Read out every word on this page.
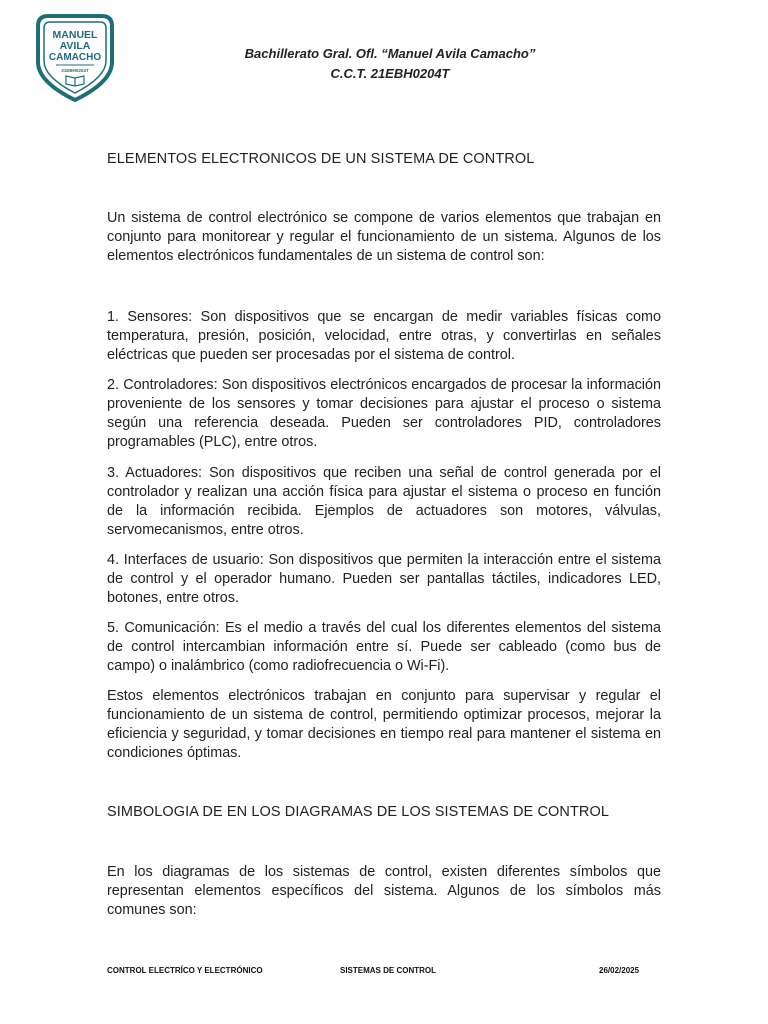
MANUEL
AVILA
CAMACHO
21EBH0204T
Bachillerato Gral. Ofl. “Manuel Avila Camacho”
C.C.T. 21EBH0204T
ELEMENTOS ELECTRONICOS DE UN SISTEMA DE CONTROL

Un sistema de control electrónico se compone de varios elementos que trabajan en conjunto para monitorear y regular el funcionamiento de un sistema. Algunos de los elementos electrónicos fundamentales de un sistema de control son:

1. Sensores: Son dispositivos que se encargan de medir variables físicas como temperatura, presión, posición, velocidad, entre otras, y convertirlas en señales eléctricas que pueden ser procesadas por el sistema de control.

2. Controladores: Son dispositivos electrónicos encargados de procesar la información proveniente de los sensores y tomar decisiones para ajustar el proceso o sistema según una referencia deseada. Pueden ser controladores PID, controladores programables (PLC), entre otros.

3. Actuadores: Son dispositivos que reciben una señal de control generada por el controlador y realizan una acción física para ajustar el sistema o proceso en función de la información recibida. Ejemplos de actuadores son motores, válvulas, servomecanismos, entre otros.

4. Interfaces de usuario: Son dispositivos que permiten la interacción entre el sistema de control y el operador humano. Pueden ser pantallas táctiles, indicadores LED, botones, entre otros.

5. Comunicación: Es el medio a través del cual los diferentes elementos del sistema de control intercambian información entre sí. Puede ser cableado (como bus de campo) o inalámbrico (como radiofrecuencia o Wi-Fi).

Estos elementos electrónicos trabajan en conjunto para supervisar y regular el funcionamiento de un sistema de control, permitiendo optimizar procesos, mejorar la eficiencia y seguridad, y tomar decisiones en tiempo real para mantener el sistema en condiciones óptimas.

SIMBOLOGIA DE EN LOS DIAGRAMAS DE LOS SISTEMAS DE CONTROL

En los diagramas de los sistemas de control, existen diferentes símbolos que representan elementos específicos del sistema. Algunos de los símbolos más comunes son:

CONTROL ELECTRÍCO Y ELECTRÓNICO	SISTEMAS DE CONTROL	26/02/2025
